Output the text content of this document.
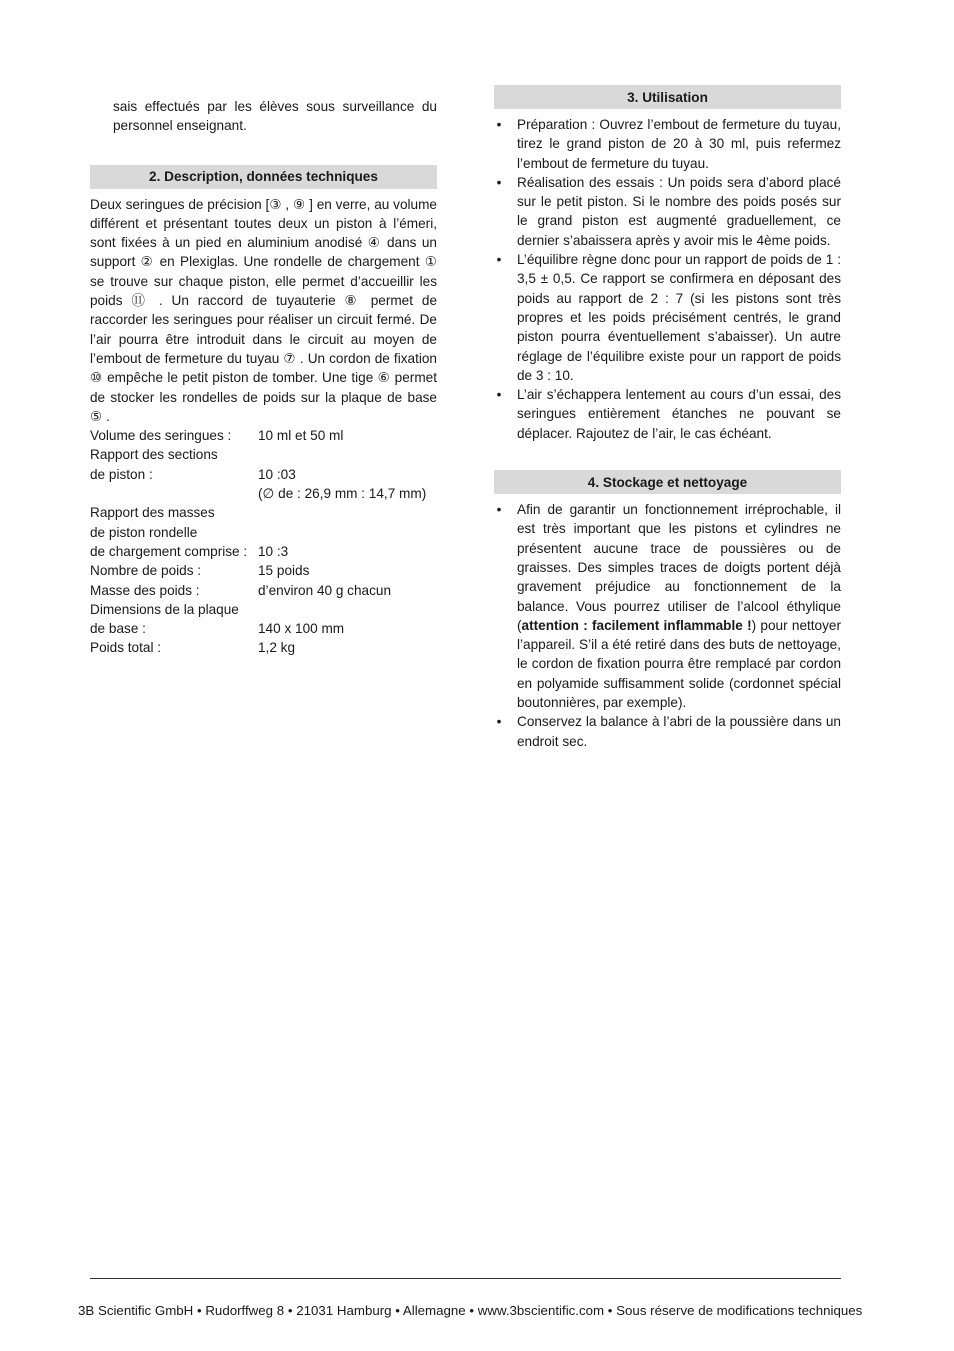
sais effectués par les élèves sous surveillance du personnel enseignant.

2. Description, données techniques

Deux seringues de précision [③ , ⑨ ] en verre, au volume différent et présentant toutes deux un piston à l’émeri, sont fixées à un pied en aluminium anodisé ④ dans un support ② en Plexiglas. Une rondelle de chargement ① se trouve sur chaque piston, elle permet d’accueillir les poids ⑪ . Un raccord de tuyauterie ⑧ permet de raccorder les seringues pour réaliser un circuit fermé. De l’air pourra être introduit dans le circuit au moyen de l’embout de fermeture du tuyau ⑦ . Un cordon de fixation ⑩ empêche le petit piston de tomber. Une tige ⑥ permet de stocker les rondelles de poids sur la plaque de base ⑤ .

Volume des seringues :	10 ml et 50 ml
Rapport des sections	
de piston :	10 :03
	(∅ de : 26,9 mm : 14,7 mm)
Rapport des masses	
de piston rondelle	
de chargement comprise :	10 :3
Nombre de poids :	15 poids
Masse des poids :	d’environ 40 g chacun
Dimensions de la plaque	
de base :	140 x 100 mm
Poids total :	1,2 kg
3. Utilisation
• Préparation : Ouvrez l’embout de fermeture du tuyau, tirez le grand piston de 20 à 30 ml, puis refermez l’embout de fermeture du tuyau.
• Réalisation des essais : Un poids sera d’abord placé sur le petit piston. Si le nombre des poids posés sur le grand piston est augmenté graduellement, ce dernier s’abaissera après y avoir mis le 4ème poids.
• L’équilibre règne donc pour un rapport de poids de 1 : 3,5 ± 0,5. Ce rapport se confirmera en déposant des poids au rapport de 2 : 7 (si les pistons sont très propres et les poids précisément centrés, le grand piston pourra éventuellement s’abaisser). Un autre réglage de l’équilibre existe pour un rapport de poids de 3 : 10.
• L’air s’échappera lentement au cours d’un essai, des seringues entièrement étanches ne pouvant se déplacer. Rajoutez de l’air, le cas échéant.
4. Stockage et nettoyage
• Afin de garantir un fonctionnement irréprochable, il est très important que les pistons et cylindres ne présentent aucune trace de poussières ou de graisses. Des simples traces de doigts portent déjà gravement préjudice au fonctionnement de la balance. Vous pourrez utiliser de l’alcool éthylique (attention : facilement inflammable !) pour nettoyer l’appareil. S’il a été retiré dans des buts de nettoyage, le cordon de fixation pourra être remplacé par cordon en polyamide suffisamment solide (cordonnet spécial boutonnières, par exemple).
• Conservez la balance à l’abri de la poussière dans un endroit sec.
3B Scientific GmbH • Rudorffweg 8 • 21031 Hamburg • Allemagne • www.3bscientific.com • Sous réserve de modifications techniques
